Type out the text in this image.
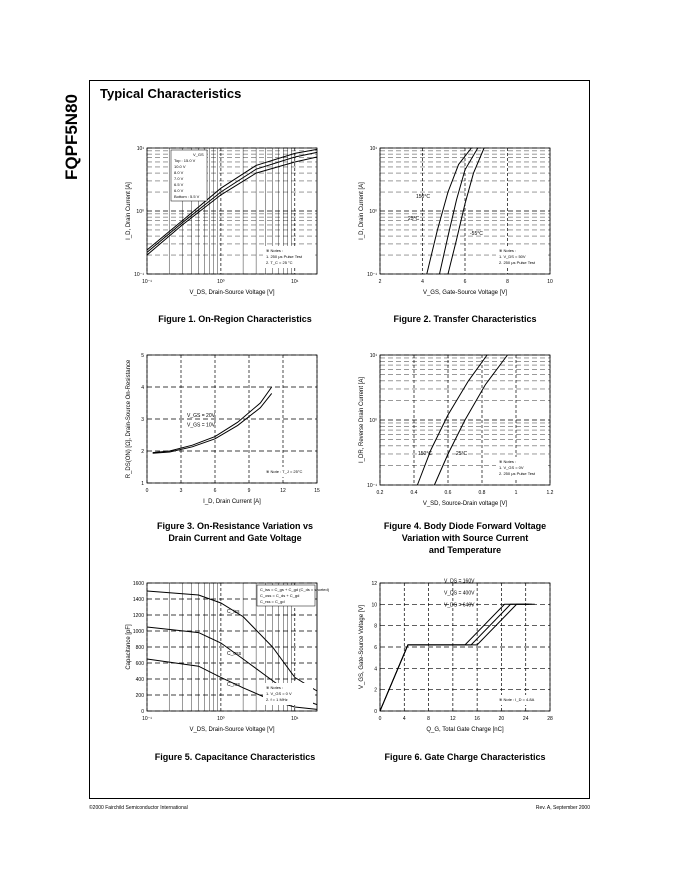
FQPF5N80
Typical Characteristics
10⁻¹	10⁰	10¹
10¹
10⁰
10⁻¹
V_DS, Drain-Source Voltage [V]
I_D, Drain Current [A]
V_GS
Top : 15.0 V
10.0 V
8.0 V
7.0 V
6.5 V
6.0 V
Bottom : 5.5 V
※ Notes :
1. 250 μs Pulse Test
2. T_C = 25 °C
2	4	6	8	10
10¹
10⁰
10⁻¹
V_GS, Gate-Source Voltage [V]
I_D, Drain Current [A]	150°C
25°C
-55°C
※ Notes :
1. V_DS = 50V
2. 250 μs Pulse Test
0	3	6	9	12	15
1
2
3
4
5
I_D, Drain Current [A]
R_DS(ON) [Ω], Drain-Source On-Resistance	V_GS = 10V
V_GS = 20V
※ Note : T_J = 25°C
0.2	0.4	0.6	0.8	1	1.2
10¹
10⁰
10⁻¹
V_SD, Source-Drain voltage [V]
I_DR, Reverse Drain Current [A]	150°C	25°C
※ Notes :
1. V_GS = 0V
2. 250 μs Pulse Test
10⁻¹	10⁰	10¹
0
200
400
600
800
1000
1200
1400
1600
V_DS, Drain-Source Voltage [V]
Capacitance [pF]
C_iss = C_gs + C_gd (C_ds = shorted)
C_oss = C_ds + C_gd
C_rss = C_gd
C_iss
C_oss
C_rss	※ Notes :
1. V_GS = 0 V
2. f = 1 MHz
0	4	8	12	16	20	24	28
0
2
4
6
8
10
12
Q_G, Total Gate Charge [nC]
V_GS, Gate-Source Voltage [V]
V_DS = 160V
V_DS = 400V
V_DS = 640V
※ Note : I_D = 4.8A
Figure 1. On-Region Characteristics	Figure 2. Transfer Characteristics
Figure 3. On-Resistance Variation vs
Drain Current and Gate Voltage
Figure 4. Body Diode Forward Voltage
Variation with Source Current
and Temperature
Figure 5. Capacitance Characteristics	Figure 6. Gate Charge Characteristics
©2000 Fairchild Semiconductor International	Rev. A, September 2000
